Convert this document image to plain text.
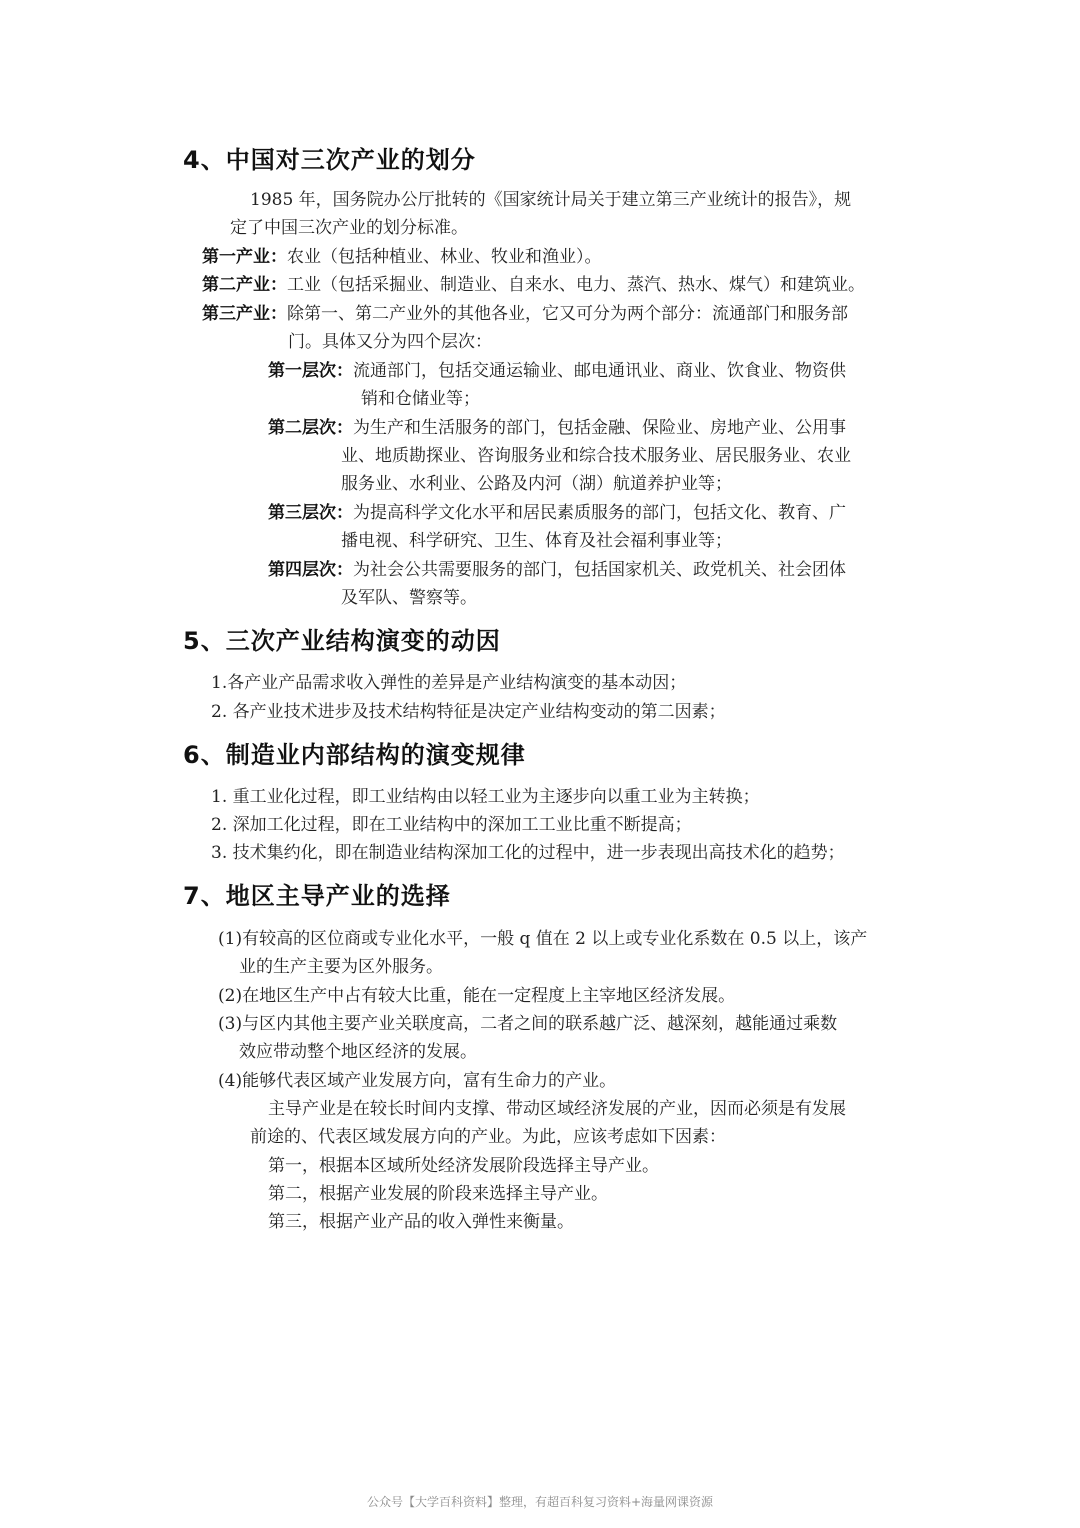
4、中国对三次产业的划分
1985 年，国务院办公厅批转的《国家统计局关于建立第三产业统计的报告》，规
定了中国三次产业的划分标准。
第一产业：农业（包括种植业、林业、牧业和渔业）。
第二产业：工业（包括采掘业、制造业、自来水、电力、蒸汽、热水、煤气）和建筑业。
第三产业：除第一、第二产业外的其他各业，它又可分为两个部分：流通部门和服务部
门。具体又分为四个层次：
第一层次：流通部门，包括交通运输业、邮电通讯业、商业、饮食业、物资供
销和仓储业等；
第二层次：为生产和生活服务的部门，包括金融、保险业、房地产业、公用事
业、地质勘探业、咨询服务业和综合技术服务业、居民服务业、农业
服务业、水利业、公路及内河（湖）航道养护业等；
第三层次：为提高科学文化水平和居民素质服务的部门，包括文化、教育、广
播电视、科学研究、卫生、体育及社会福利事业等；
第四层次：为社会公共需要服务的部门，包括国家机关、政党机关、社会团体
及军队、警察等。
5、三次产业结构演变的动因
1.各产业产品需求收入弹性的差异是产业结构演变的基本动因；
2. 各产业技术进步及技术结构特征是决定产业结构变动的第二因素；
6、制造业内部结构的演变规律
1. 重工业化过程，即工业结构由以轻工业为主逐步向以重工业为主转换；
2. 深加工化过程，即在工业结构中的深加工工业比重不断提高；
3. 技术集约化，即在制造业结构深加工化的过程中，进一步表现出高技术化的趋势；
7、地区主导产业的选择
(1)有较高的区位商或专业化水平，一般 q 值在 2 以上或专业化系数在 0.5 以上，该产
业的生产主要为区外服务。
(2)在地区生产中占有较大比重，能在一定程度上主宰地区经济发展。
(3)与区内其他主要产业关联度高，二者之间的联系越广泛、越深刻，越能通过乘数
效应带动整个地区经济的发展。
(4)能够代表区域产业发展方向，富有生命力的产业。
主导产业是在较长时间内支撑、带动区域经济发展的产业，因而必须是有发展
前途的、代表区域发展方向的产业。为此，应该考虑如下因素：
第一，根据本区域所处经济发展阶段选择主导产业。
第二，根据产业发展的阶段来选择主导产业。
第三，根据产业产品的收入弹性来衡量。
公众号【大学百科资料】整理，有超百科复习资料+海量网课资源
